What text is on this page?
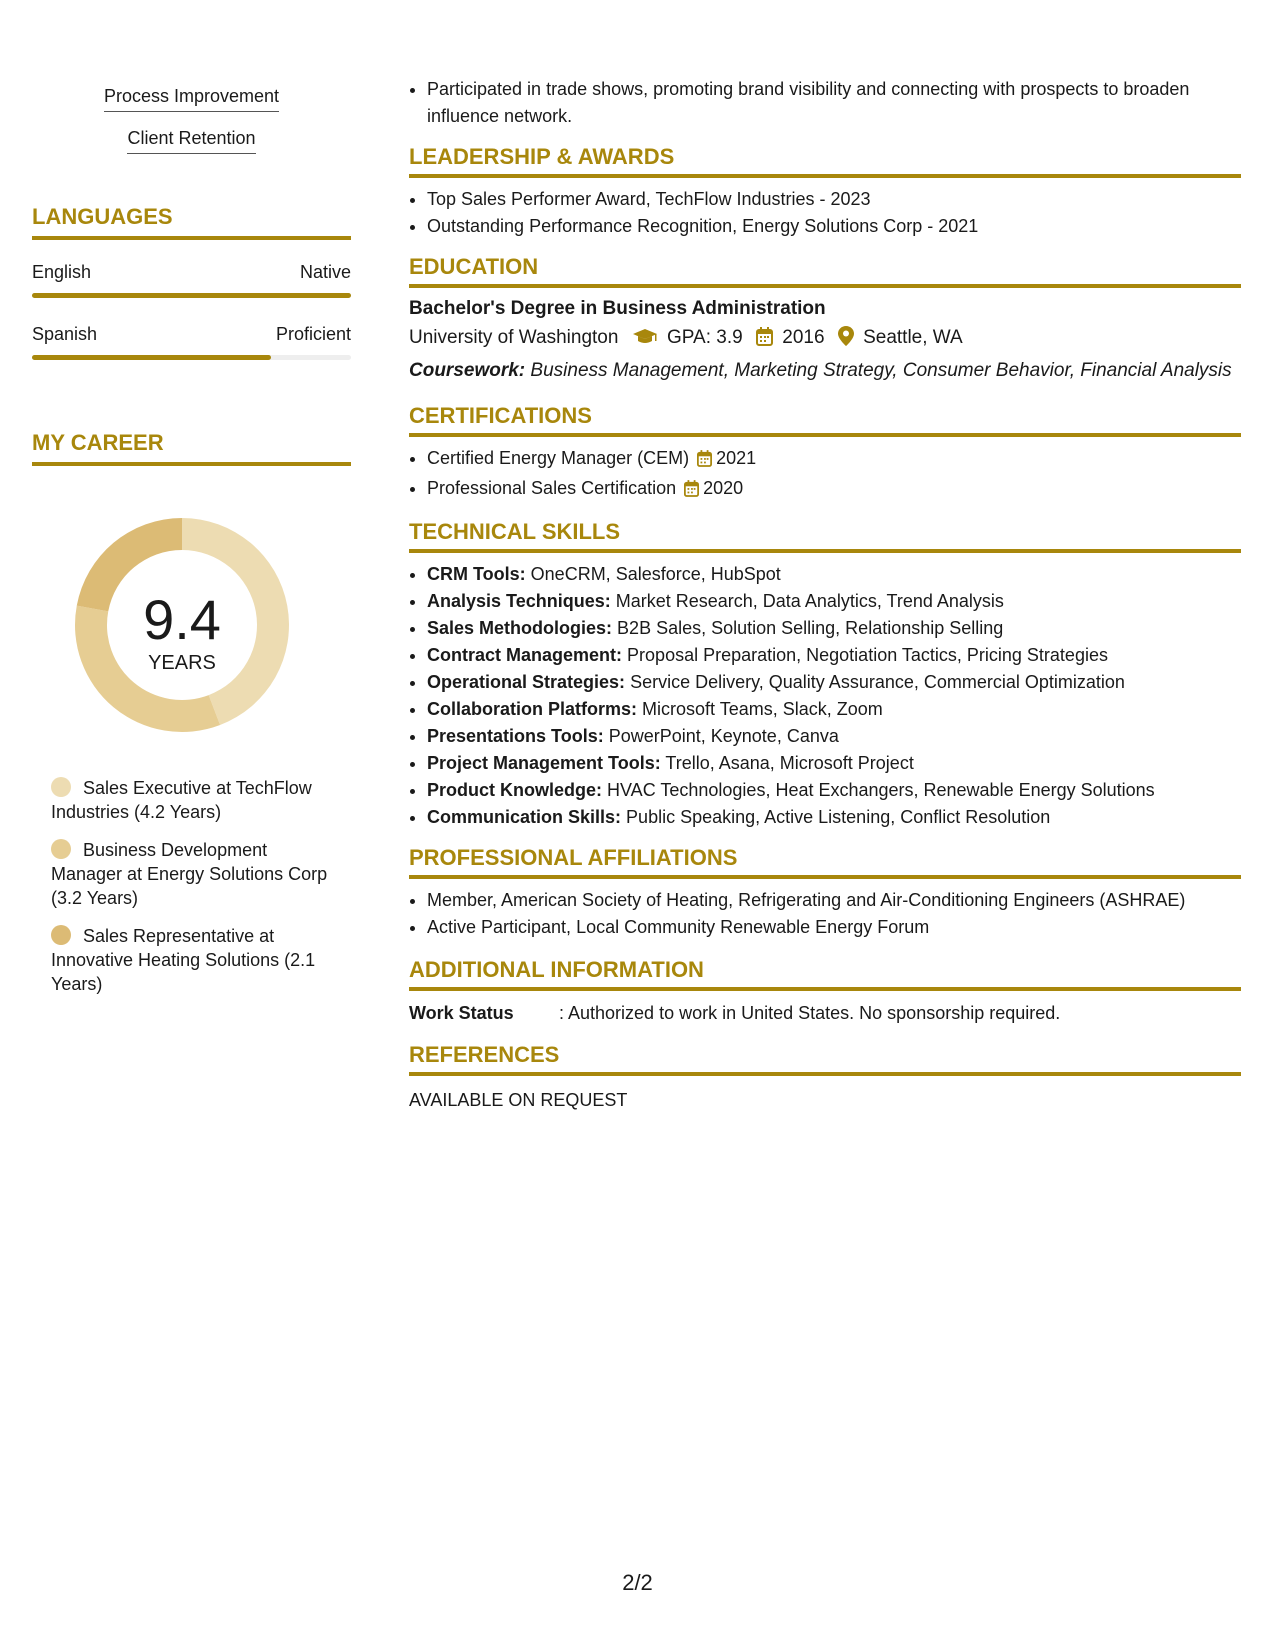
Process Improvement
Client Retention
LANGUAGES
English	Native
Spanish	Proficient
MY CAREER
9.4
YEARS
Sales Executive at TechFlow Industries (4.2 Years)
Business Development Manager at Energy Solutions Corp (3.2 Years)
Sales Representative at Innovative Heating Solutions (2.1 Years)
• Participated in trade shows, promoting brand visibility and connecting with prospects to broaden influence network.
LEADERSHIP & AWARDS
• Top Sales Performer Award, TechFlow Industries - 2023
• Outstanding Performance Recognition, Energy Solutions Corp - 2021
EDUCATION
Bachelor's Degree in Business Administration
University of Washington	GPA: 3.9 2016 Seattle, WA
Coursework: Business Management, Marketing Strategy, Consumer Behavior, Financial Analysis
CERTIFICATIONS
• Certified Energy Manager (CEM) 2021
• Professional Sales Certification 2020
TECHNICAL SKILLS
• CRM Tools: OneCRM, Salesforce, HubSpot
• Analysis Techniques: Market Research, Data Analytics, Trend Analysis
• Sales Methodologies: B2B Sales, Solution Selling, Relationship Selling
• Contract Management: Proposal Preparation, Negotiation Tactics, Pricing Strategies
• Operational Strategies: Service Delivery, Quality Assurance, Commercial Optimization
• Collaboration Platforms: Microsoft Teams, Slack, Zoom
• Presentations Tools: PowerPoint, Keynote, Canva
• Project Management Tools: Trello, Asana, Microsoft Project
• Product Knowledge: HVAC Technologies, Heat Exchangers, Renewable Energy Solutions
• Communication Skills: Public Speaking, Active Listening, Conflict Resolution
PROFESSIONAL AFFILIATIONS
• Member, American Society of Heating, Refrigerating and Air-Conditioning Engineers (ASHRAE)
• Active Participant, Local Community Renewable Energy Forum
ADDITIONAL INFORMATION
Work Status	: Authorized to work in United States. No sponsorship required.
REFERENCES
AVAILABLE ON REQUEST
2/2
